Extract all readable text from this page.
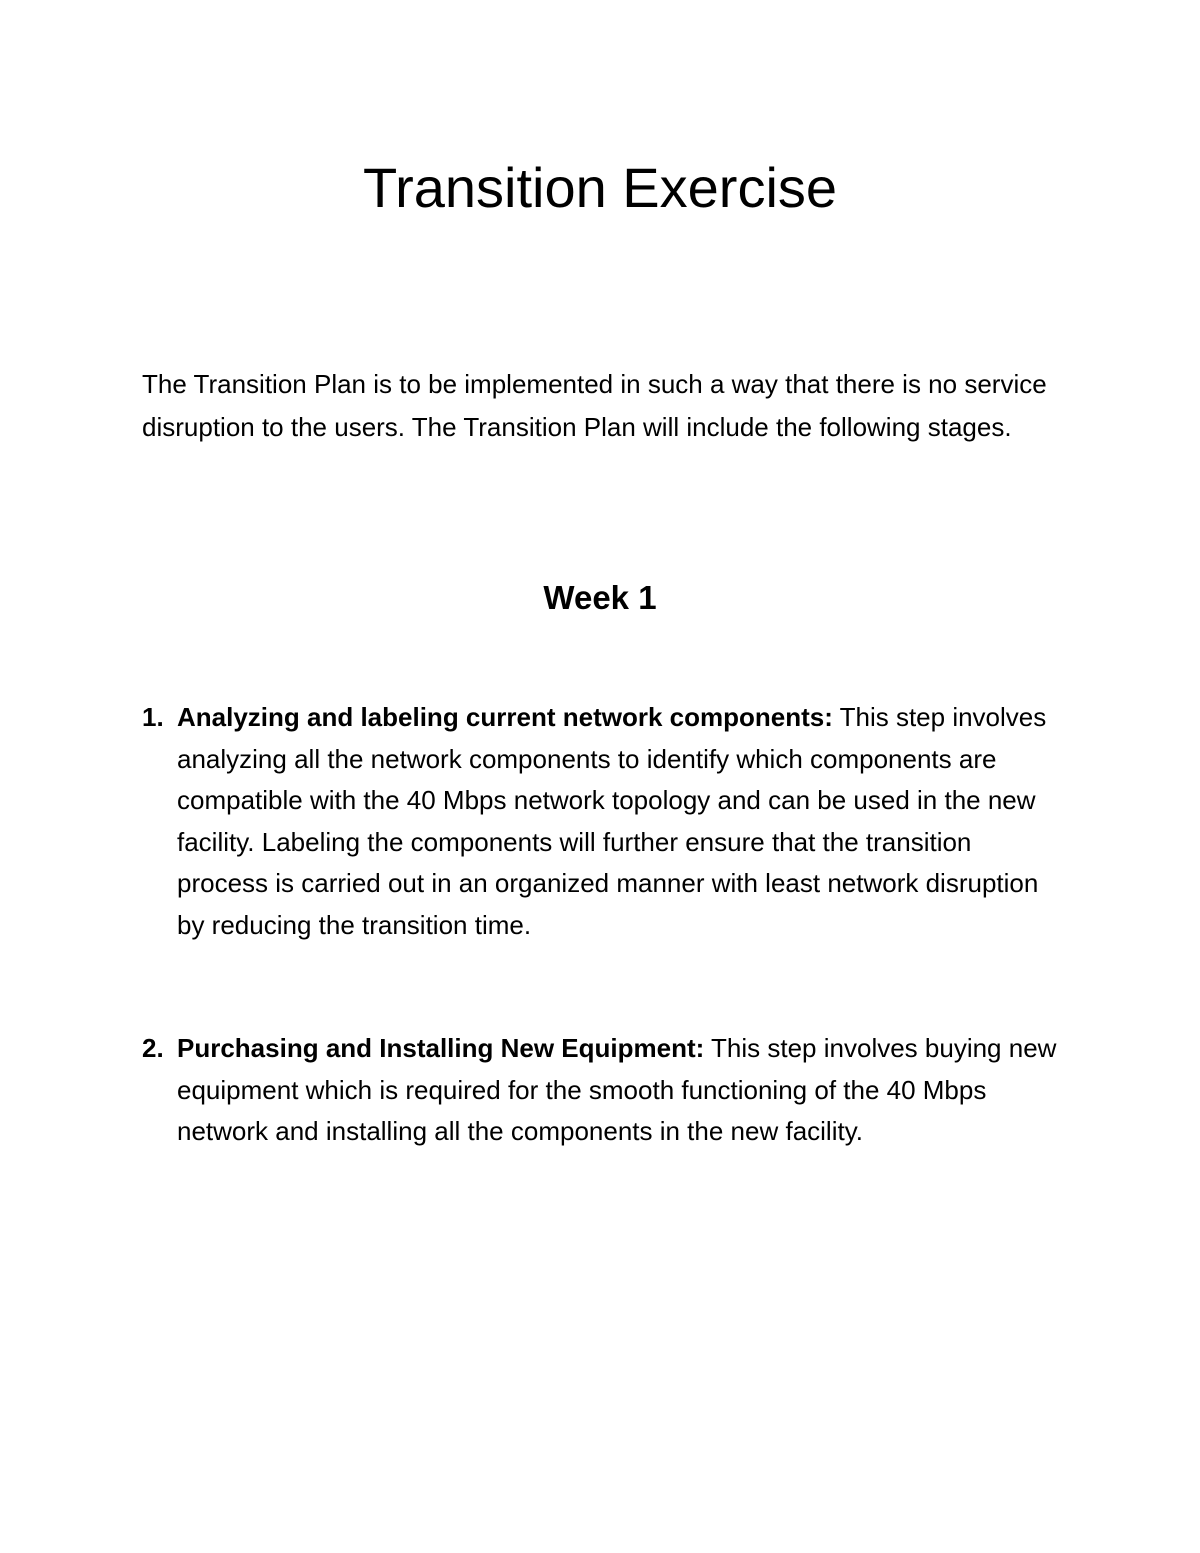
Transition Exercise

The Transition Plan is to be implemented in such a way that there is no service disruption to the users. The Transition Plan will include the following stages.

Week 1
1. Analyzing and labeling current network components: This step involves analyzing all the network components to identify which components are compatible with the 40 Mbps network topology and can be used in the new facility. Labeling the components will further ensure that the transition process is carried out in an organized manner with least network disruption by reducing the transition time.

2. Purchasing and Installing New Equipment: This step involves buying new equipment which is required for the smooth functioning of the 40 Mbps network and installing all the components in the new facility.
